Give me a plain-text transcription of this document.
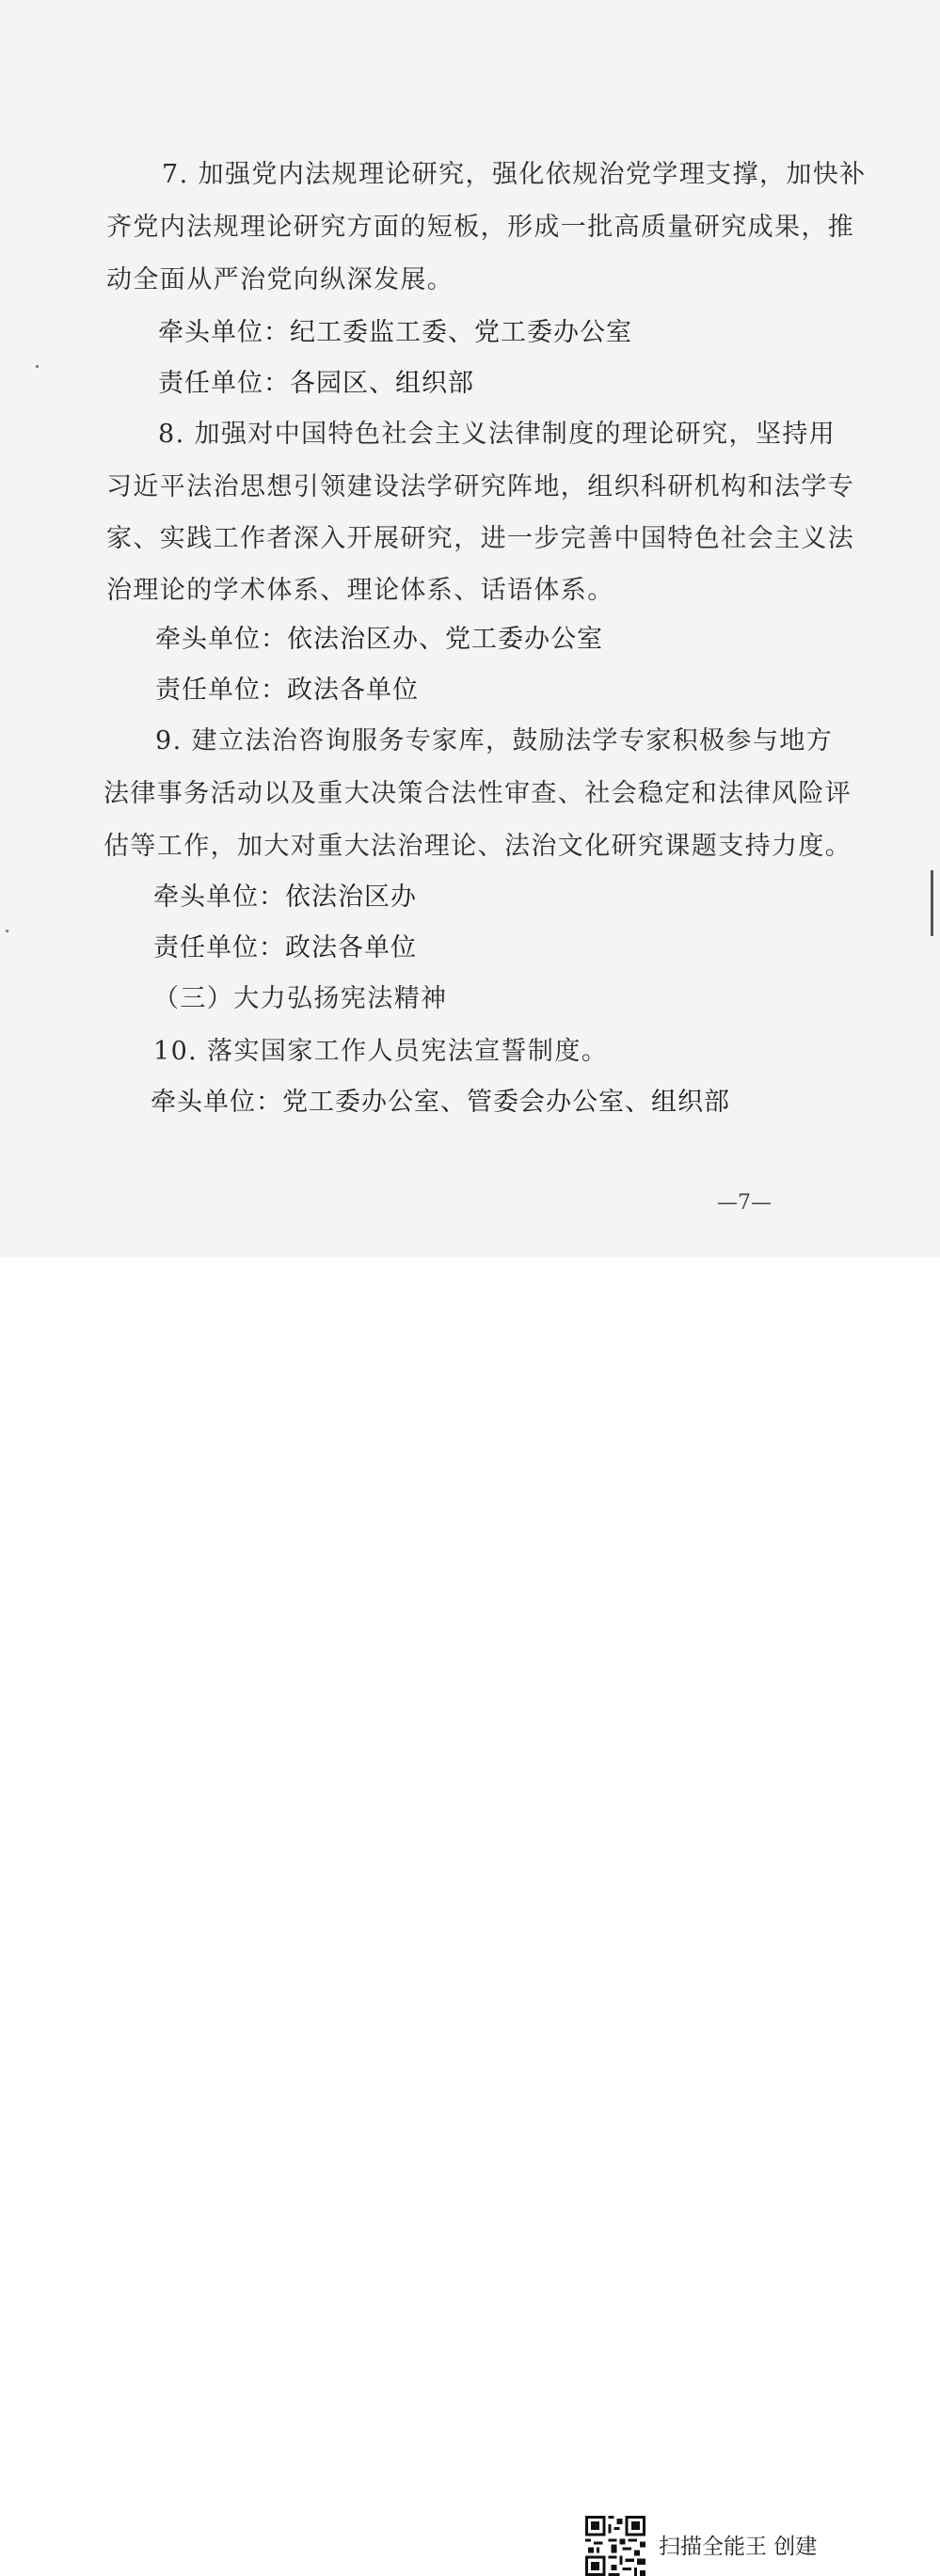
7. 加强党内法规理论研究，强化依规治党学理支撑，加快补
齐党内法规理论研究方面的短板，形成一批高质量研究成果，推
动全面从严治党向纵深发展。
牵头单位：纪工委监工委、党工委办公室
责任单位：各园区、组织部
8. 加强对中国特色社会主义法律制度的理论研究，坚持用
习近平法治思想引领建设法学研究阵地，组织科研机构和法学专
家、实践工作者深入开展研究，进一步完善中国特色社会主义法
治理论的学术体系、理论体系、话语体系。
牵头单位：依法治区办、党工委办公室
责任单位：政法各单位
9. 建立法治咨询服务专家库，鼓励法学专家积极参与地方
法律事务活动以及重大决策合法性审查、社会稳定和法律风险评
估等工作，加大对重大法治理论、法治文化研究课题支持力度。
牵头单位：依法治区办
责任单位：政法各单位
（三）大力弘扬宪法精神
10. 落实国家工作人员宪法宣誓制度。
牵头单位：党工委办公室、管委会办公室、组织部
—7—
扫描全能王 创建
